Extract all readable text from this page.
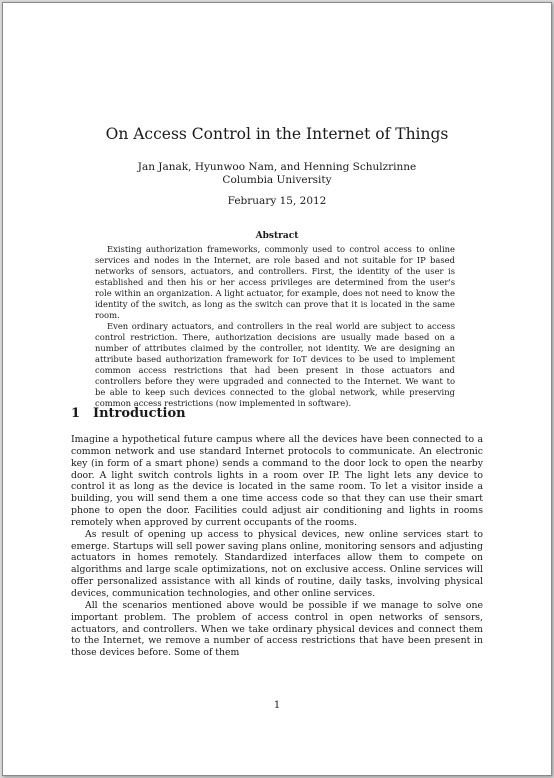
On Access Control in the Internet of Things
Jan Janak, Hyunwoo Nam, and Henning Schulzrinne
Columbia University
February 15, 2012
Abstract

Existing authorization frameworks, commonly used to control access to online services and nodes in the Internet, are role based and not suitable for IP based networks of sensors, actuators, and controllers. First, the identity of the user is established and then his or her access privileges are determined from the user's role within an organization. A light actuator, for example, does not need to know the identity of the switch, as long as the switch can prove that it is located in the same room.

Even ordinary actuators, and controllers in the real world are subject to access control restriction. There, authorization decisions are usually made based on a number of attributes claimed by the controller, not identity. We are designing an attribute based authorization framework for IoT devices to be used to implement common access restrictions that had been present in those actuators and controllers before they were upgraded and connected to the Internet. We want to be able to keep such devices connected to the global network, while preserving common access restrictions (now implemented in software).

1 Introduction

Imagine a hypothetical future campus where all the devices have been connected to a common network and use standard Internet protocols to communicate. An electronic key (in form of a smart phone) sends a command to the door lock to open the nearby door. A light switch controls lights in a room over IP. The light lets any device to control it as long as the device is located in the same room. To let a visitor inside a building, you will send them a one time access code so that they can use their smart phone to open the door. Facilities could adjust air conditioning and lights in rooms remotely when approved by current occupants of the rooms.

As result of opening up access to physical devices, new online services start to emerge. Startups will sell power saving plans online, monitoring sensors and adjusting actuators in homes remotely. Standardized interfaces allow them to compete on algorithms and large scale optimizations, not on exclusive access. Online services will offer personalized assistance with all kinds of routine, daily tasks, involving physical devices, communication technologies, and other online services.

All the scenarios mentioned above would be possible if we manage to solve one important problem. The problem of access control in open networks of sensors, actuators, and controllers. When we take ordinary physical devices and connect them to the Internet, we remove a number of access restrictions that have been present in those devices before. Some of them

1
